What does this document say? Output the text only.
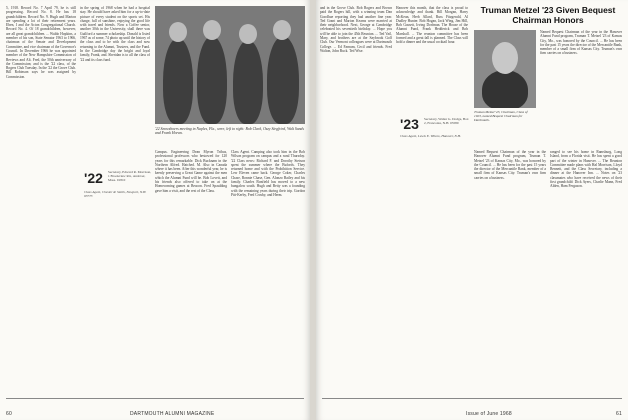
5, 1918. Record No. 7 April 79, he is still progressing. Record No. 8. He has 18 grandchildren. Record No. 9. Hugh and Marion are spending a lot of their retirement years. Eben, I and the Acton Congregational Church. Record No. 4. Of 18 grandchildren, however, are all great grandchildren. ... Waldo Hopkins, a member of his son, State Senator 1963 to 1966, chairman of the Senate and Development Committee, and vice chairman of the Governor's Council. In December 1966 he was appointed member of the New Hampshire Commission of Reviews and Alt. Fred, the 50th anniversary of the Commission; and is the '22 class, of the Rogers Club Tuesday. In the '22 the Grove Club. Bill Robinson says he was assigned by Commission.

in the spring of 1968 when he had a hospital stay. He should have asked him for a up-to-date picture of every student on the sports set. His charge, full of sunshine, enjoying the good life with travel and friends. Now a Coffee senior, another 30th in the University, shall there was Guilford a summer scholarship. Donald is listed 1967 as of some, 74 photo up until the history of the class and to be with the class and now returning to the Alumni, Trustees, and the Fund. In the Cambridge day the bright and loyal family, Frank, and. Sheridan is to all the class of '22 and its class fund.

'22 Snowshoers meeting in Naples, Fla., were, left to right: Bob Clark, Ozzy Siegfried, Walt Sands and Frank Horan.

Campus. Engineering Dean Myron Tribus, professional professors who bestowed for 120 years for this remarkable. Dick Bucknam in the Northern Alfred. Hatched. M. Also in Canada where it has been. After this wonderful year, he is keenly preserving a Great Game against the men which the Alumni Fund will be. Bob Lovett, and his friends also offered to take on at the Homecoming games at Beacon. Fred Spaulding gave him a visit, and the rest of the Class.

'22 Secretary, Edward R. Morrison, 1 Brookview Rd., Andover, Mass. 01810
Class Agent, Chester R. Smith, Newport, N.H. 03773

Class Agent. Camping also took him in the Bob Wilson program on campus and a rural Thursday. '22 Class news: Richard F. and Dorothy Stetson spent the summer where the Bufords. They returned home and with the Prohibition Service. Lew Eleven came back. George Coker, Charles Chase, Ronnie Chase, Gen. Alonzo Bailey and his family. Charles Bonfield has moved to a new bungalow south. Hugh and Betty was a founding with the remaining years during their trip. Gordon Pitt-Kerby, Fred Crosby, and Herm.

60	DARTMOUTH ALUMNI MAGAZINE

and in the Grove Club. Bob Rogers and Brown paid the Rogers hill, with a winning team Dan Goodhue reporting they had another fine year. Ted Grant and Marion Kearns were married at their neighborhood. Next, George at Cambridge celebrated his seventieth birthday. ... Hope you will be able to join the 45th Reunion. ... Ted Vail, Mary, and brothers are at the Saybrook Golf Club. Our Vermont colleagues were at Dartmouth College. ... Ed Farnum, Cecil and friends. Fred Walton, John Buck. Ted Wise.

Hanover this month, that the class is proud to acknowledge and thank. Bill Morgan, Harry McKean, Herb Allard, Russ Fitzgerald, Al Dudley Hunter. Bob Hogan, Jack Wing, Jim Hill, Bob Gassett, Irving Dorfman. The House of the Alumni Fund, Frank Hedderick and Bob Marshall. ... The reunion committee has been formed and a great fall is planned. The Class will hold a dinner and the usual cocktail hour.

Truman Metzel '23 Given Bequest Chairman Honors
Truman Metzel '23, Chairman, Class of 1923, named Bequest Chairman for Dartmouth.

Named Bequest Chairman of the year in the Hanover Alumni Fund program, Truman T. Metzel '23 of Kansas City, Mo., was honored by the Council. ... He has been for the past 15 years the director of the Mercantile Bank, member of a small firm of Kansas City. Truman's own firm carries on a business.

'23 Secretary, Walter G. Dodge, Box 2, Franconia, N.H. 03580
Class Agent, Lewis E. Wilcox, Hanover, N.H.

Named Bequest Chairman of the year in the Hanover Alumni Fund program, Truman T. Metzel '23 of Kansas City, Mo., was honored by the Council. ... He has been for the past 15 years the director of the Mercantile Bank, member of a small firm of Kansas City. Truman's own firm carries on a business.

ranged to see his home in Ramsburg, Long Island, from a Florida visit. He has spent a good part of the winter in Hanover. ... The Reunion Committee made plans with Hal Morrison, Lloyd Bennett, and the Class Secretary, including a dinner at the Hanover Inn. ... Notes on '23 classmates who have received the news of their first grandchild: Dick Ayers, Charlie Mann, Fred Alden, Ham Ferguson.

Issue of June 1968	61
